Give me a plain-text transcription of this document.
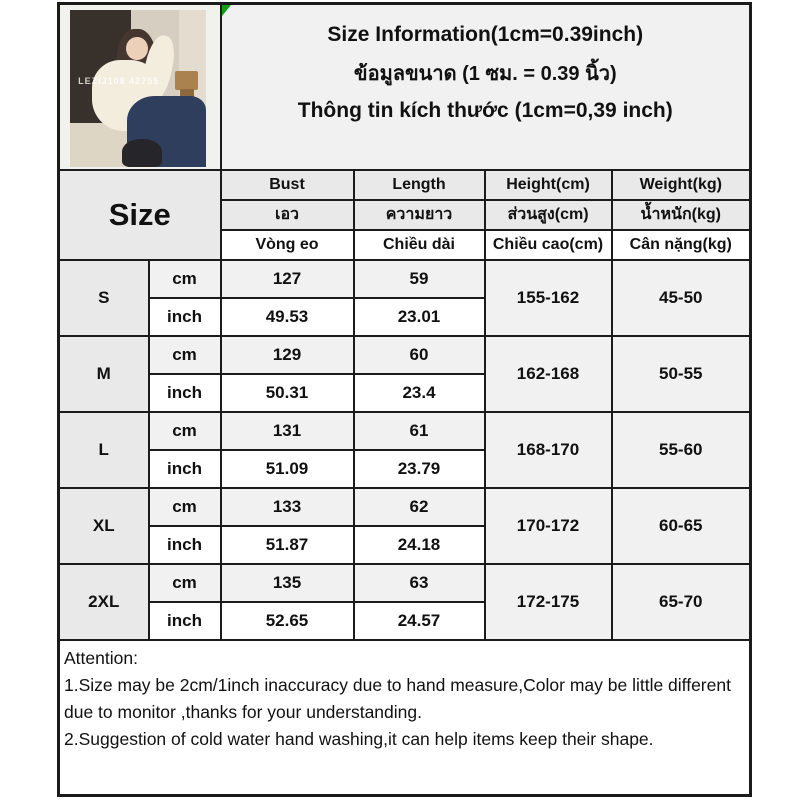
LEZIJ108 42755		Size Information(1cm=0.39inch)
ข้อมูลขนาด (1 ซม. = 0.39 นิ้ว)
Thông tin kích thước (1cm=0,39 inch)			

Size		Bust	Length	Height(cm)	Weight(kg)
		เอว	ความยาว	ส่วนสูง(cm)	น้ำหนัก(kg)
		Vòng eo	Chiều dài	Chiều cao(cm)	Cân nặng(kg)
S	cm	127	59	155-162	45-50
	inch	49.53	23.01		
M	cm	129	60	162-168	50-55
	inch	50.31	23.4		
L	cm	131	61	168-170	55-60
	inch	51.09	23.79		
XL	cm	133	62	170-172	60-65
	inch	51.87	24.18		
2XL	cm	135	63	172-175	65-70
	inch	52.65	24.57		

Attention:
1.Size may be 2cm/1inch inaccuracy due to hand measure,Color may be little different due to monitor ,thanks for your understanding.
2.Suggestion of cold water hand washing,it can help items keep their shape.					
